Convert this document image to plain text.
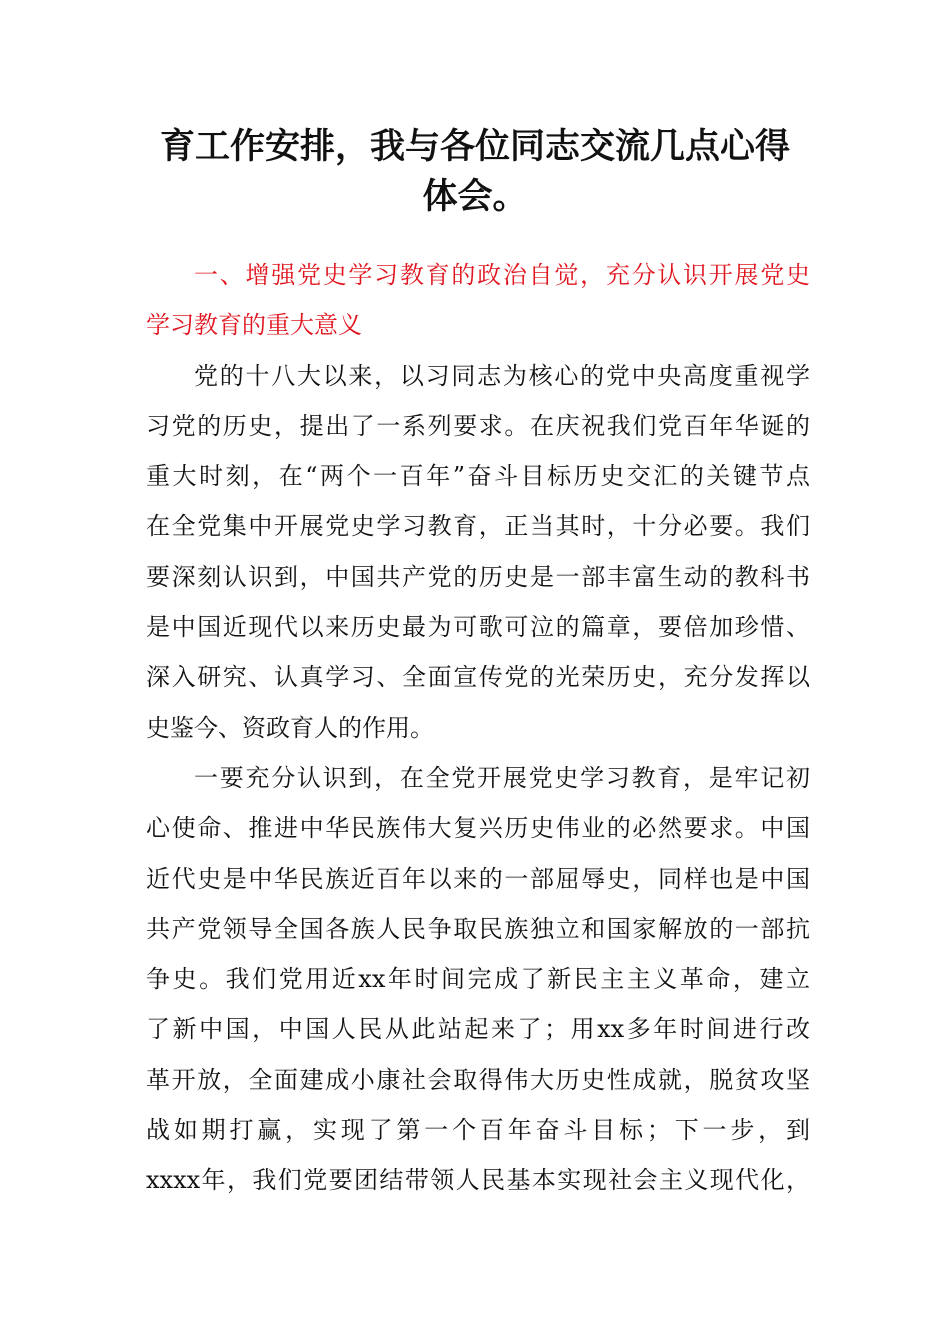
育工作安排，我与各位同志交流几点心得
体会。
一、增强党史学习教育的政治自觉，充分认识开展党史
学习教育的重大意义
党的十八大以来，以习同志为核心的党中央高度重视学
习党的历史，提出了一系列要求。在庆祝我们党百年华诞的
重大时刻，在“两个一百年”奋斗目标历史交汇的关键节点
在全党集中开展党史学习教育，正当其时，十分必要。我们
要深刻认识到，中国共产党的历史是一部丰富生动的教科书
是中国近现代以来历史最为可歌可泣的篇章，要倍加珍惜、
深入研究、认真学习、全面宣传党的光荣历史，充分发挥以
史鉴今、资政育人的作用。
一要充分认识到，在全党开展党史学习教育，是牢记初
心使命、推进中华民族伟大复兴历史伟业的必然要求。中国
近代史是中华民族近百年以来的一部屈辱史，同样也是中国
共产党领导全国各族人民争取民族独立和国家解放的一部抗
争史。我们党用近xx年时间完成了新民主主义革命，建立
了新中国，中国人民从此站起来了；用xx多年时间进行改
革开放，全面建成小康社会取得伟大历史性成就，脱贫攻坚
战如期打赢，实现了第一个百年奋斗目标；下一步，到
xxxx年，我们党要团结带领人民基本实现社会主义现代化，
